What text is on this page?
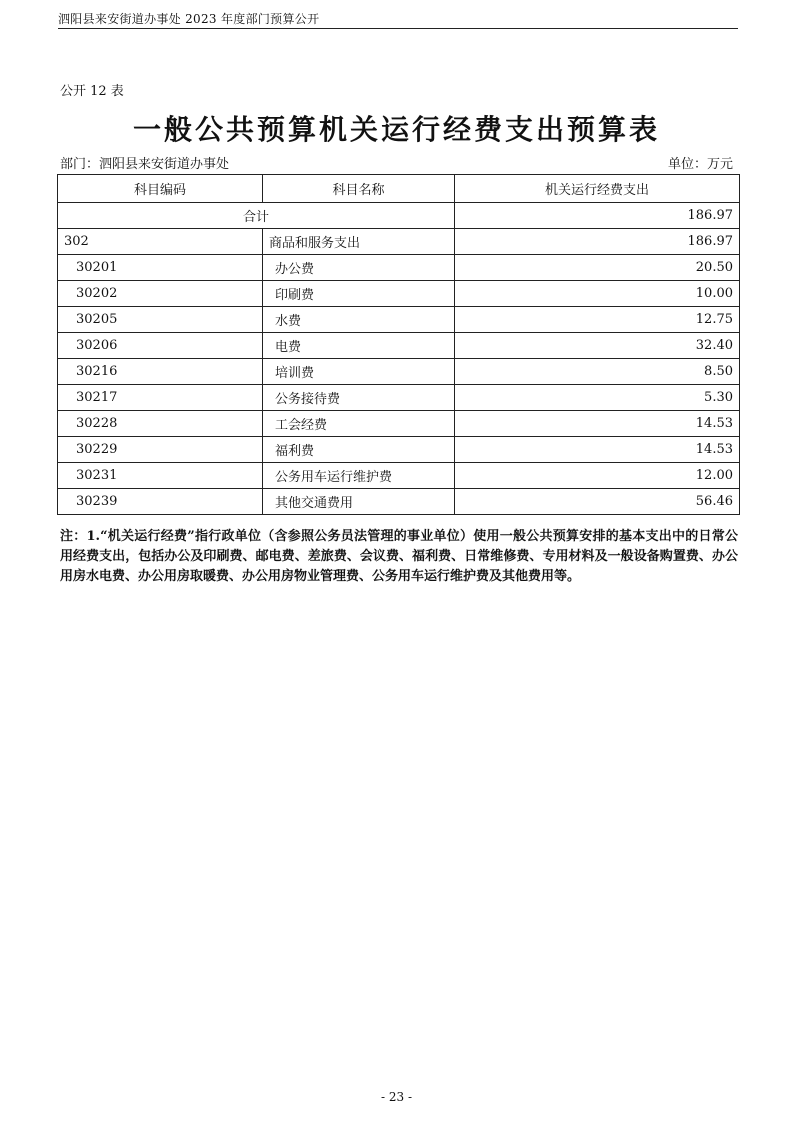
泗阳县来安街道办事处 2023 年度部门预算公开
公开 12 表
一般公共预算机关运行经费支出预算表
部门：泗阳县来安街道办事处	单位：万元
科目编码	科目名称	机关运行经费支出
合计		186.97
302	商品和服务支出	186.97
30201	办公费	20.50
30202	印刷费	10.00
30205	水费	12.75
30206	电费	32.40
30216	培训费	8.50
30217	公务接待费	5.30
30228	工会经费	14.53
30229	福利费	14.53
30231	公务用车运行维护费	12.00
30239	其他交通费用	56.46
注：1.“机关运行经费”指行政单位（含参照公务员法管理的事业单位）使用一般公共预算安排的基本支出中的日常公用经费支出，包括办公及印刷费、邮电费、差旅费、会议费、福利费、日常维修费、专用材料及一般设备购置费、办公用房水电费、办公用房取暖费、办公用房物业管理费、公务用车运行维护费及其他费用等。
- 23 -
